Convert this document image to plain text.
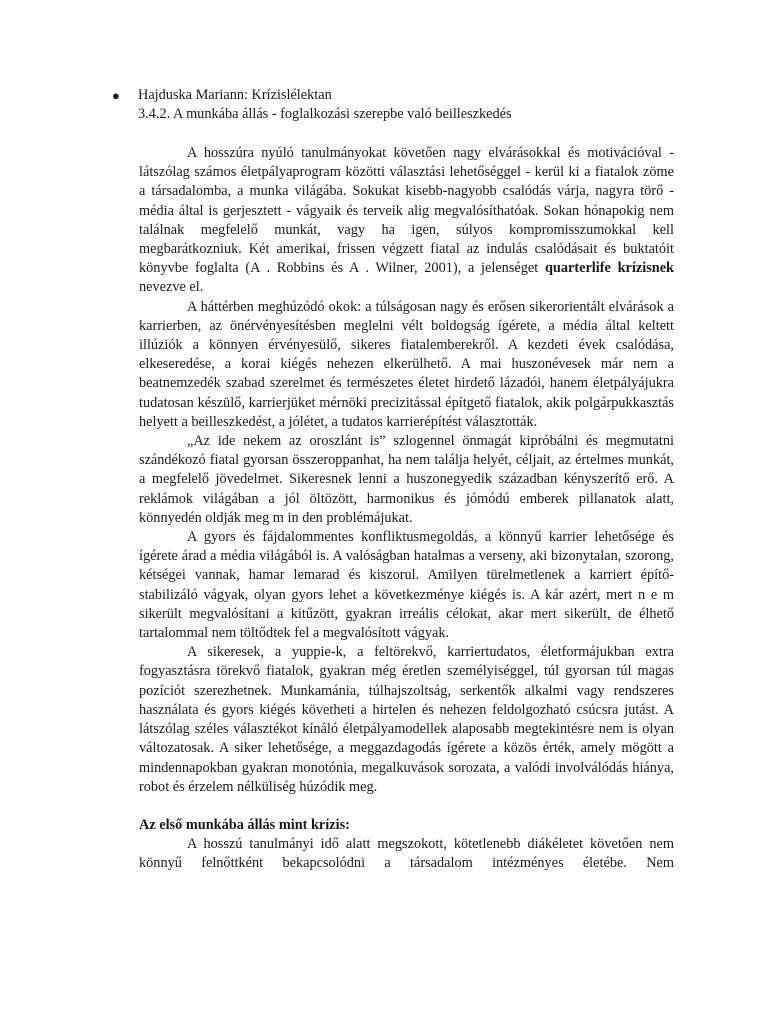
● Hajduska Mariann: Krízislélektan
3.4.2. A munkába állás - foglalkozási szerepbe való beilleszkedés

A hosszúra nyúló tanulmányokat követően nagy elvárásokkal és motivációval - látszólag számos életpályaprogram közötti választási lehetőséggel - kerül ki a fiatalok zöme a társadalomba, a munka világába. Sokukat kisebb-nagyobb csalódás várja, nagyra törő -média által is gerjesztett - vágyaik és terveik alig megvalósíthatóak. Sokan hónapokig nem találnak megfelelő munkát, vagy ha igen, súlyos kompromisszumokkal kell megbarátkozniuk. Két amerikai, frissen végzett fiatal az indulás csalódásait és buktatóit könyvbe foglalta (A . Robbins és A . Wilner, 2001), a jelenséget quarterlife krízisnek nevezve el.

A háttérben meghúzódó okok: a túlságosan nagy és erősen sikerorientált elvárások a karrierben, az önérvényesítésben meglelni vélt boldogság ígérete, a média által keltett illúziók a könnyen érvényesülő, sikeres fiatalemberekről. A kezdeti évek csalódása, elkeseredése, a korai kiégés nehezen elkerülhető. A mai huszonévesek már nem a beatnemzedék szabad szerelmet és természetes életet hirdető lázadói, hanem életpályájukra tudatosan készülő, karrierjüket mérnöki precizitással építgető fiatalok, akik polgárpukkasztás helyett a beilleszkedést, a jólétet, a tudatos karrierépítést választották.

„Az ide nekem az oroszlánt is” szlogennel önmagát kipróbálni és megmutatni szándékozó fiatal gyorsan összeroppanhat, ha nem találja helyét, céljait, az értelmes munkát, a megfelelő jövedelmet. Sikeresnek lenni a huszonegyedik században kényszerítő erő. A reklámok világában a jól öltözött, harmonikus és jómódú emberek pillanatok alatt, könnyedén oldják meg m in den problémájukat.

A gyors és fájdalommentes konfliktusmegoldás, a könnyű karrier lehetősége és ígérete árad a média világából is. A valóságban hatalmas a verseny, aki bizonytalan, szorong, kétségei vannak, hamar lemarad és kiszorul. Amilyen türelmetlenek a karriert építő-stabilizáló vágyak, olyan gyors lehet a következménye kiégés is. A kár azért, mert n e m sikerült megvalósítani a kitűzött, gyakran irreális célokat, akar mert sikerült, de élhető tartalommal nem töltődtek fel a megvalósított vágyak.

A sikeresek, a yuppie-k, a feltörekvő, karriertudatos, életformájukban extra fogyasztásra törekvő fiatalok, gyakran még éretlen személyiséggel, túl gyorsan túl magas pozíciót szerezhetnek. Munkamánia, túlhajszoltság, serkentők alkalmi vagy rendszeres használata és gyors kiégés követheti a hirtelen és nehezen feldolgozható csúcsra jutást. A látszólag széles választékot kínáló életpályamodellek alaposabb megtekintésre nem is olyan változatosak. A siker lehetősége, a meggazdagodás ígérete a közös érték, amely mögött a mindennapokban gyakran monotónia, megalkuvások sorozata, a valódi involválódás hiánya, robot és érzelem nélküliség húzódik meg.

Az első munkába állás mint krízis:

A hosszú tanulmányi idő alatt megszokott, kötetlenebb diákéletet követően nem könnyű felnőttként bekapcsolódni a társadalom intézményes életébe. Nem
